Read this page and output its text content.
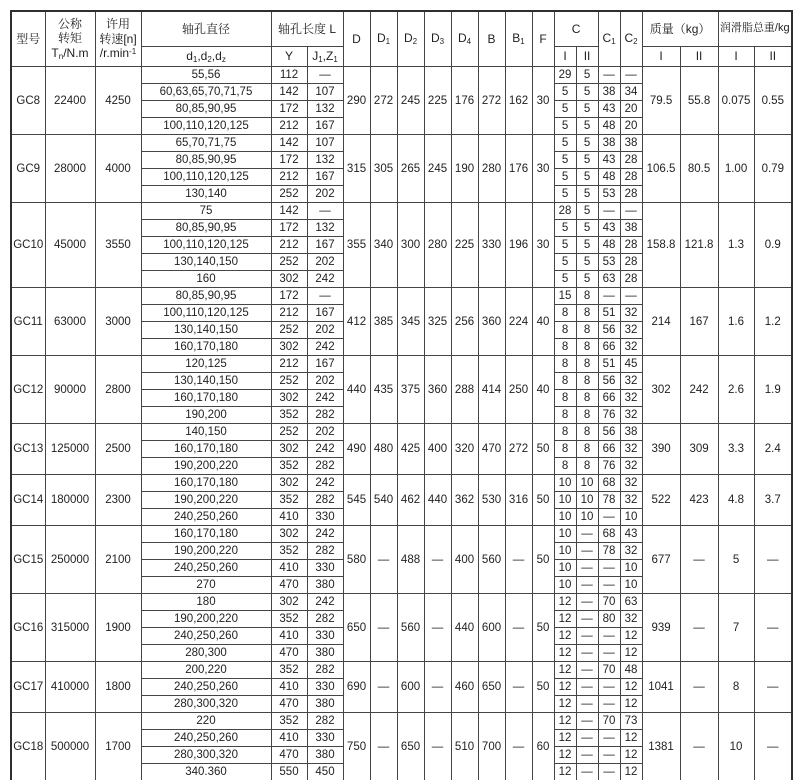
型号	公称
转矩
$T_n/N.m$	许用
转速[n]
$/r.\min^{-1}$	轴孔直径	轴孔长度 L		D	$D_1$	$D_2$	$D_3$	$D_4$	B	$B_1$	F	C		$C_1$	$C_2$	质量（kg）		润滑脂总重/kg	
			$d_1,d_2,d_z$	Y	$J_1,Z_1$									I	II			I	II	I	II
GC8	22400	4250	55,56	112	—	290	272	245	225	176	272	162	30	29	5	—	—	79.5	55.8	0.075	0.55
			60,63,65,70,71,75	142	107									5	5	38	34				
			80,85,90,95	172	132									5	5	43	20				
			100,110,120,125	212	167									5	5	48	20				
GC9	28000	4000	65,70,71,75	142	107	315	305	265	245	190	280	176	30	5	5	38	38	106.5	80.5	1.00	0.79
			80,85,90,95	172	132									5	5	43	28				
			100,110,120,125	212	167									5	5	48	28				
			130,140	252	202									5	5	53	28				
GC10	45000	3550	75	142	—	355	340	300	280	225	330	196	30	28	5	—	—	158.8	121.8	1.3	0.9
			80,85,90,95	172	132									5	5	43	38				
			100,110,120,125	212	167									5	5	48	28				
			130,140,150	252	202									5	5	53	28				
			160	302	242									5	5	63	28				
GC11	63000	3000	80,85,90,95	172	—	412	385	345	325	256	360	224	40	15	8	—	—	214	167	1.6	1.2
			100,110,120,125	212	167									8	8	51	32				
			130,140,150	252	202									8	8	56	32				
			160,170,180	302	242									8	8	66	32				
GC12	90000	2800	120,125	212	167	440	435	375	360	288	414	250	40	8	8	51	45	302	242	2.6	1.9
			130,140,150	252	202									8	8	56	32				
			160,170,180	302	242									8	8	66	32				
			190,200	352	282									8	8	76	32				
GC13	125000	2500	140,150	252	202	490	480	425	400	320	470	272	50	8	8	56	38	390	309	3.3	2.4
			160,170,180	302	242									8	8	66	32				
			190,200,220	352	282									8	8	76	32				
GC14	180000	2300	160,170,180	302	242	545	540	462	440	362	530	316	50	10	10	68	32	522	423	4.8	3.7
			190,200,220	352	282									10	10	78	32				
			240,250,260	410	330									10	10	—	10				
GC15	250000	2100	160,170,180	302	242	580	—	488	—	400	560	—	50	10	—	68	43	677	—	5	—
			190,200,220	352	282									10	—	78	32				
			240,250,260	410	330									10	—	—	10				
			270	470	380									10	—	—	10				
GC16	315000	1900	180	302	242	650	—	560	—	440	600	—	50	12	—	70	63	939	—	7	—
			190,200,220	352	282									12	—	80	32				
			240,250,260	410	330									12	—	—	12				
			280,300	470	380									12	—	—	12				
GC17	410000	1800	200,220	352	282	690	—	600	—	460	650	—	50	12	—	70	48	1041	—	8	—
			240,250,260	410	330									12	—	—	12				
			280,300,320	470	380									12	—	—	12				
GC18	500000	1700	220	352	282	750	—	650	—	510	700	—	60	12	—	70	73	1381	—	10	—
			240,250,260	410	330									12	—	—	12				
			280,300,320	470	380									12	—	—	12				
			340.360	550	450									12	—	—	12				
